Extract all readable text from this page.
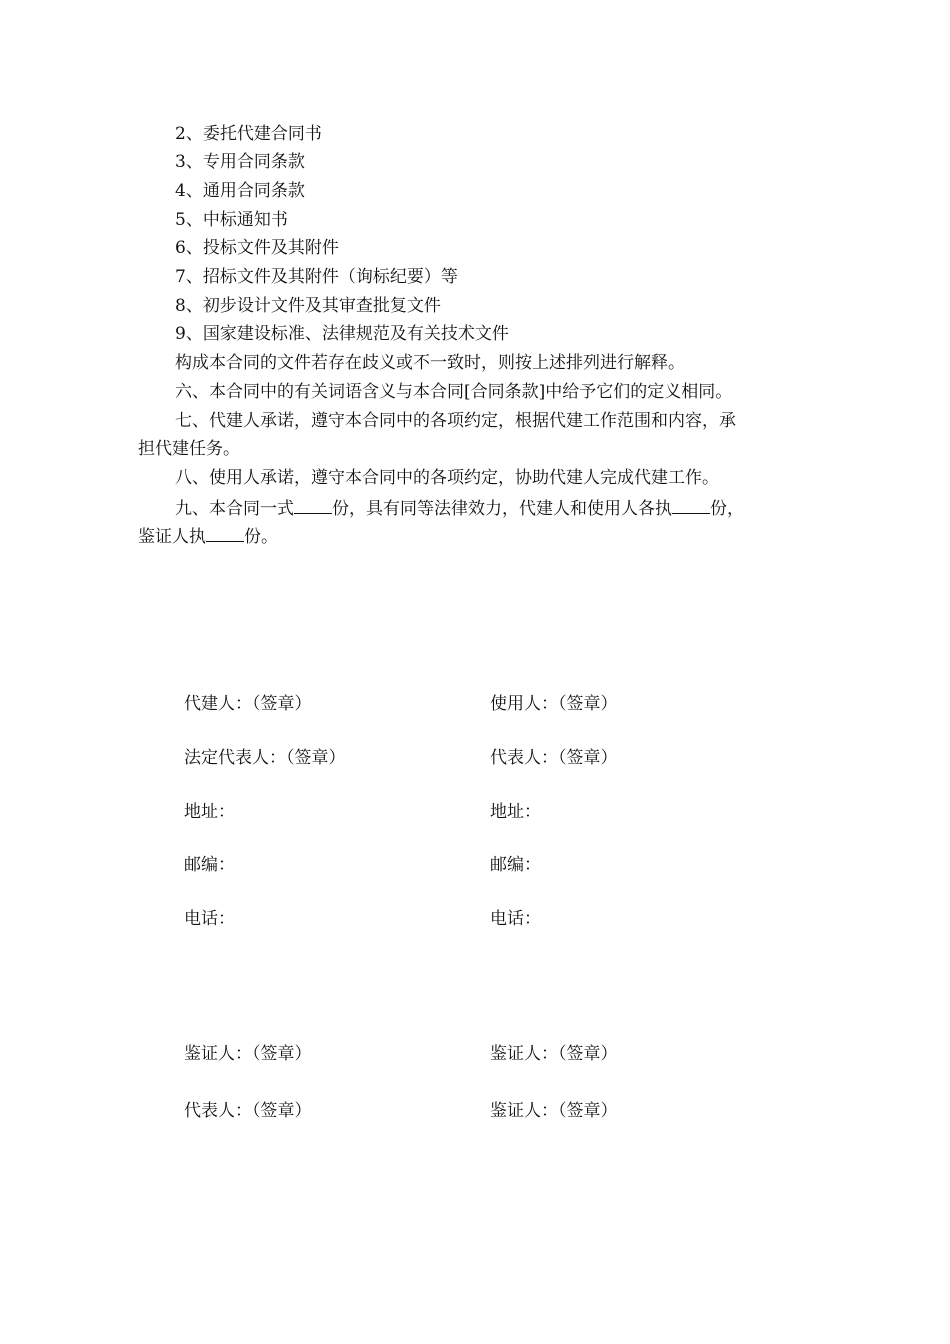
2、委托代建合同书
3、专用合同条款
4、通用合同条款
5、中标通知书
6、投标文件及其附件
7、招标文件及其附件（询标纪要）等
8、初步设计文件及其审查批复文件
9、国家建设标准、法律规范及有关技术文件
构成本合同的文件若存在歧义或不一致时，则按上述排列进行解释。
六、本合同中的有关词语含义与本合同[合同条款]中给予它们的定义相同。
七、代建人承诺，遵守本合同中的各项约定，根据代建工作范围和内容，承
担代建任务。
八、使用人承诺，遵守本合同中的各项约定，协助代建人完成代建工作。
九、本合同一式 份，具有同等法律效力，代建人和使用人各执 份，
鉴证人执 份。
代建人：（签章）	使用人：（签章）
法定代表人：（签章）	代表人：（签章）
地址：	地址：
邮编：	邮编：
电话：	电话：
鉴证人：（签章）	鉴证人：（签章）
代表人：（签章）	鉴证人：（签章）
